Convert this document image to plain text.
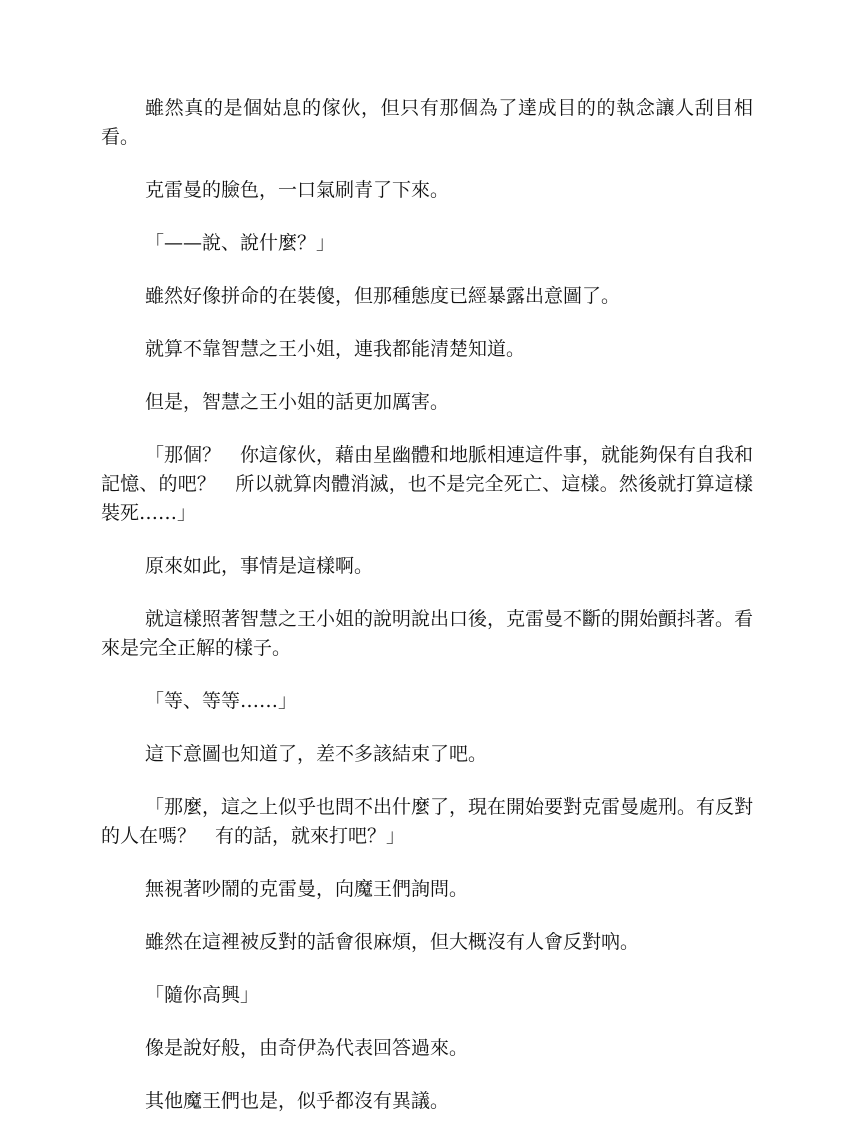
雖然真的是個姑息的傢伙，但只有那個為了達成目的的執念讓人刮目相看。

克雷曼的臉色，一口氣刷青了下來。

「——說、說什麼？」

雖然好像拼命的在裝傻，但那種態度已經暴露出意圖了。

就算不靠智慧之王小姐，連我都能清楚知道。

但是，智慧之王小姐的話更加厲害。

「那個？　你這傢伙，藉由星幽體和地脈相連這件事，就能夠保有自我和記憶、的吧？　所以就算肉體消滅，也不是完全死亡、這樣。然後就打算這樣裝死……」

原來如此，事情是這樣啊。

就這樣照著智慧之王小姐的說明說出口後，克雷曼不斷的開始顫抖著。看來是完全正解的樣子。

「等、等等……」

這下意圖也知道了，差不多該結束了吧。

「那麼，這之上似乎也問不出什麼了，現在開始要對克雷曼處刑。有反對的人在嗎？　有的話，就來打吧？」

無視著吵鬧的克雷曼，向魔王們詢問。

雖然在這裡被反對的話會很麻煩，但大概沒有人會反對吶。

「隨你高興」

像是說好般，由奇伊為代表回答過來。

其他魔王們也是，似乎都沒有異議。
